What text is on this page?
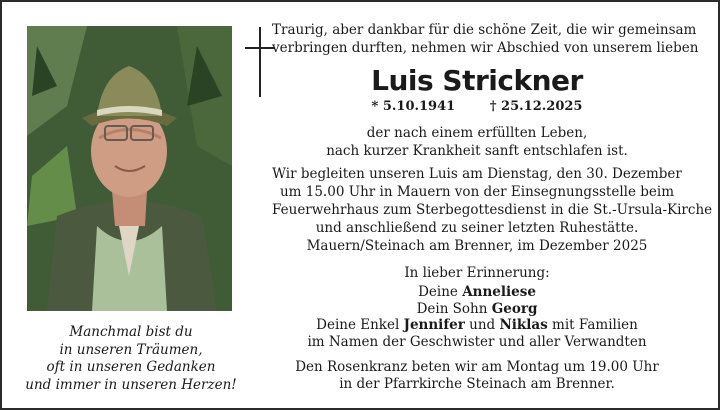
Manchmal bist du
in unseren Träumen,
oft in unseren Gedanken
und immer in unseren Herzen!
Traurig, aber dankbar für die schöne Zeit, die wir gemeinsam
verbringen durften, nehmen wir Abschied von unserem lieben
Luis Strickner
* 5.10.1941	† 25.12.2025
der nach einem erfüllten Leben,
nach kurzer Krankheit sanft entschlafen ist.
Wir begleiten unseren Luis am Dienstag, den 30. Dezember
um 15.00 Uhr in Mauern von der Einsegnungsstelle beim
Feuerwehrhaus zum Sterbegottesdienst in die St.-Ursula-Kirche
und anschließend zu seiner letzten Ruhestätte.
Mauern/Steinach am Brenner, im Dezember 2025
In lieber Erinnerung:
Deine Anneliese
Dein Sohn Georg
Deine Enkel Jennifer und Niklas mit Familien
im Namen der Geschwister und aller Verwandten
Den Rosenkranz beten wir am Montag um 19.00 Uhr
in der Pfarrkirche Steinach am Brenner.
